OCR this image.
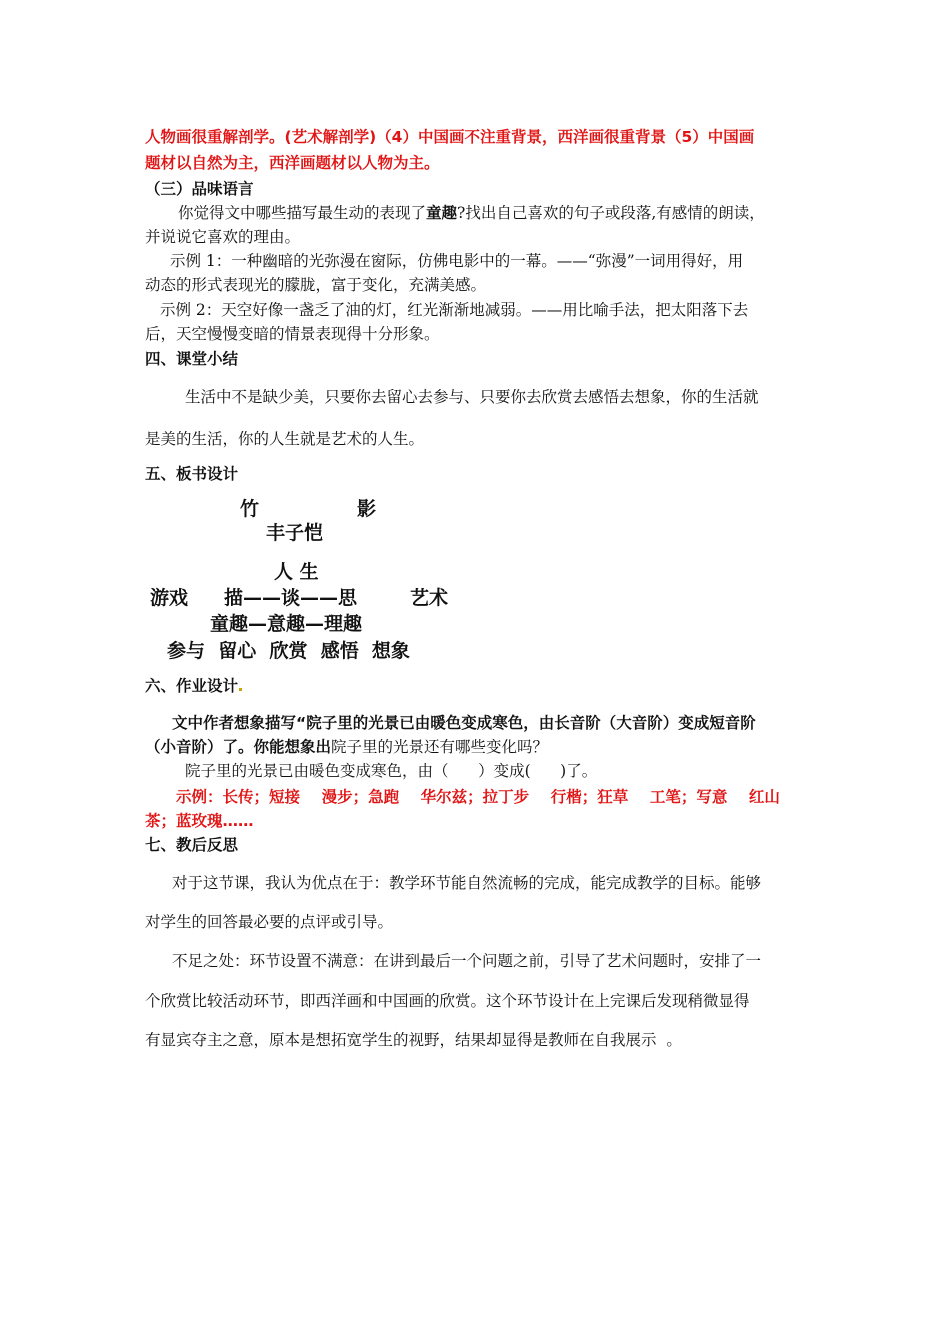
人物画很重解剖学。(艺术解剖学)（4）中国画不注重背景，西洋画很重背景（5）中国画
题材以自然为主，西洋画题材以人物为主。
（三）品味语言
你觉得文中哪些描写最生动的表现了童趣?找出自己喜欢的句子或段落,有感情的朗读，
并说说它喜欢的理由。
示例 1：一种幽暗的光弥漫在窗际，仿佛电影中的一幕。——“弥漫”一词用得好，用
动态的形式表现光的朦胧，富于变化，充满美感。
示例 2：天空好像一盏乏了油的灯，红光渐渐地减弱。——用比喻手法，把太阳落下去
后，天空慢慢变暗的情景表现得十分形象。
四、课堂小结
生活中不是缺少美，只要你去留心去参与、只要你去欣赏去感悟去想象，你的生活就
是美的生活，你的人生就是艺术的人生。
五、板书设计
竹	影
丰子恺
人 生
游戏 描——谈——思	艺术
童趣—意趣—理趣
参与  留心  欣赏  感悟  想象
六、作业设计
文中作者想象描写“院子里的光景已由暖色变成寒色，由长音阶（大音阶）变成短音阶
（小音阶）了。你能想象出院子里的光景还有哪些变化吗？
院子里的光景已由暖色变成寒色，由（      ）变成(      )了。
示例：长传；短接    漫步；急跑    华尔兹；拉丁步    行楷；狂草    工笔；写意    红山
茶；蓝玫瑰……
七、教后反思
对于这节课，我认为优点在于：教学环节能自然流畅的完成，能完成教学的目标。能够
对学生的回答最必要的点评或引导。
不足之处：环节设置不满意：在讲到最后一个问题之前，引导了艺术问题时，安排了一
个欣赏比较活动环节，即西洋画和中国画的欣赏。这个环节设计在上完课后发现稍微显得
有显宾夺主之意，原本是想拓宽学生的视野，结果却显得是教师在自我展示  。
